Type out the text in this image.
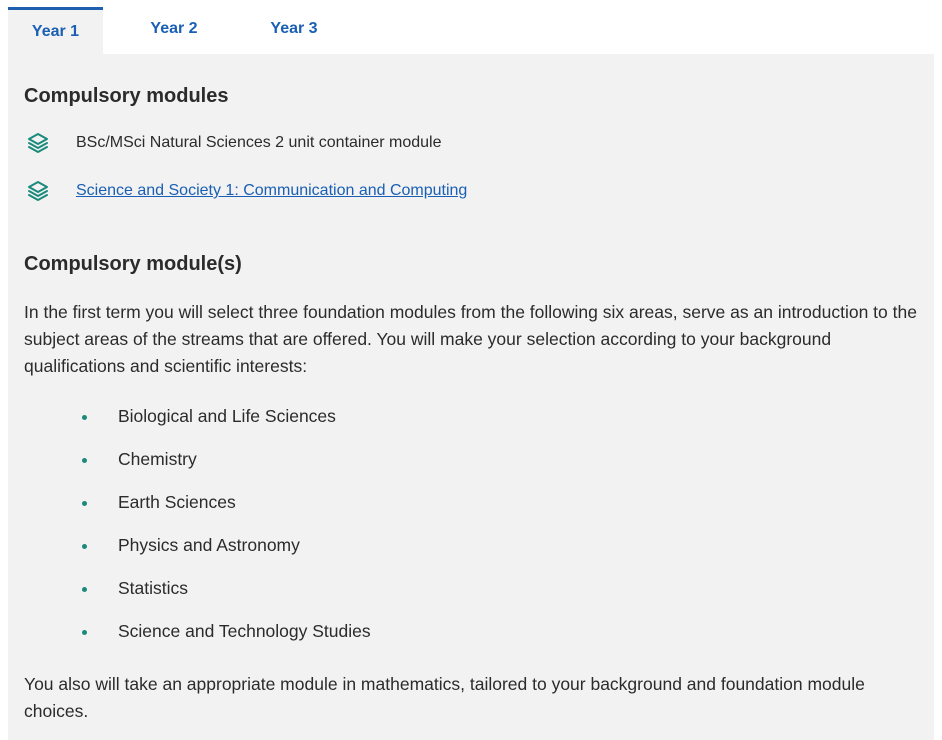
Year 1	Year 2	Year 3
Compulsory modules
BSc/MSci Natural Sciences 2 unit container module
Science and Society 1: Communication and Computing
Compulsory module(s)

In the first term you will select three foundation modules from the following six areas, serve as an introduction to the subject areas of the streams that are offered. You will make your selection according to your background qualifications and scientific interests:

Biological and Life Sciences
Chemistry
Earth Sciences
Physics and Astronomy
Statistics
Science and Technology Studies

You also will take an appropriate module in mathematics, tailored to your background and foundation module choices.
